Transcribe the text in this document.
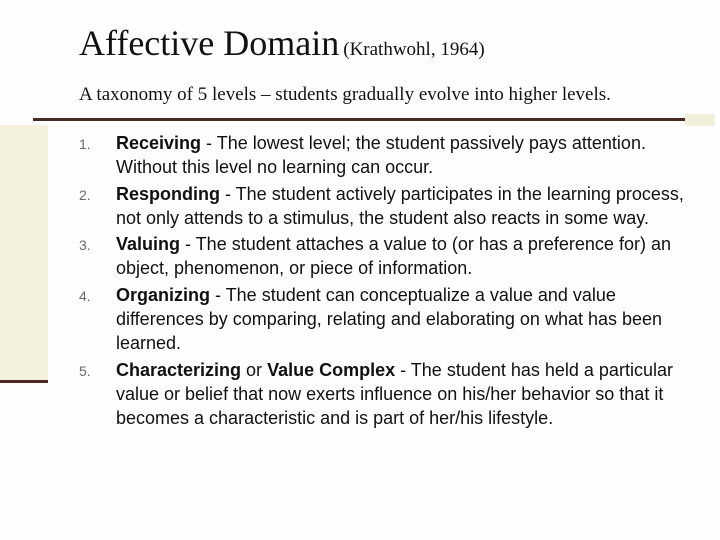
Affective Domain (Krathwohl, 1964)
A taxonomy of 5 levels – students gradually evolve into higher levels.
1.	Receiving - The lowest level; the student passively pays attention. Without this level no learning can occur.
2.	Responding - The student actively participates in the learning process, not only attends to a stimulus, the student also reacts in some way.
3.	Valuing - The student attaches a value to (or has a preference for) an object, phenomenon, or piece of information.
4.	Organizing - The student can conceptualize a value and value differences by comparing, relating and elaborating on what has been learned.
5.	Characterizing or Value Complex - The student has held a particular value or belief that now exerts influence on his/her behavior so that it becomes a characteristic and is part of her/his lifestyle.
